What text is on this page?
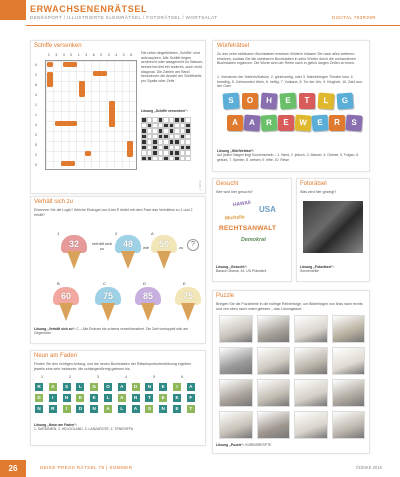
ERWACHSENENRÄTSEL
DENKSPORT / ILLUSTRIERTE KLEINRÄTSEL / FOTORÄTSEL / WORTSALAT	DIGITAL 763R26R
Schiffe versenken
2	3	4	0	1	3	6	0	3	4	2	6
4
2
6
4
1
1
4
2
5
2
0
Die unten abgebildeten „Schiffe“ sind aufzuspüren. Alle Schiffe liegen senkrecht oder waagerecht im Wasser, keines berührt ein anderes, auch nicht diagonal. Die Zahlen am Rand bezeichnen die Anzahl der Schiffsteile pro Spalte oder Zeile.
Lösung „Schiffe versenken“:
©DEIKE
Würfelrätsel
Zu den zehn sichtbaren Buchstaben ersetzen Würfeln müssen Sie nach allen weiteren ersetzen, sodass Sie die sichtbaren Buchstaben in zehn Wörter durch die vorhandenen Buchstaben ergänzen. Die Worte sind der Reihe nach in gleich langen Zeilen zu lesen.
1. Vornamen der Hallerin/Kabule, 2. gleichzeitig, oder 3. Nahrelizegen Theater bzw. 4. freiwillig, 5. Gebrannten Wein, 6. heftig, 7. Vulkane, 8. Tor der Uhr, 9. Klugheit, 10. Zahl aus der Oder
S	O	H	E	T	L	G
A	A	R	E	W	E	R	S
Lösung „Würfelrätsel“:
Auf jedem Wagen liegt Sonnenschein – 1. Hand, 2. jedoch, 3. Wasser, 4. Gebote, 5. Folgen, 6. gebunt, 7. Spielen, 8. welsen, 9. trifte, 10. Reise
Verhält sich zu
Erkennen Sie die Logik? Welche Eiskugel von A bis E bildet mit dem Paar das Verhältnis zu 1 und 2 erhält?
1
32	verhält sich zu
2
48	wie
A
50	zu ?
B
60
C
75
D
85
E
75
Lösung „Verhält sich zu“: C – Alle Eiskuen bis schema verviel/annahmt. Die Zahl verdoppelt sich am Gegenüber.
Gesucht
Wer wird hier gesucht?
HAWAII
USA
Michelle
RECHTSANWALT
Demokrat
Lösung „Gesucht“:
Barack Obama, 44. US-Präsident
Fotorätsel
Was wird hier gezeigt?
Lösung „Fotorätsel“:
Sonnenbrille
Puzzle
Bringen Sie die Puzzleteile in die richtige Reihenfolge, um Bilderfolgen von links nach rechts und von oben nach unten gelesen – das Lösungswort.
Lösung „Puzzle“: KÜRBISRESPTE
Neun am Faden
Finden Sie den richtigen Anfang, und die neuen Buchstaben der Rätselsportunterstützung ergeben jeweils eine sehr bekannte, die schlangenförmig gelesen bis.
1	2	3	4	5	6
R	A	S	L	G	O	A	D	N	E	I	A
D	I	N	E	E	L	A	N	T	E	E	F
N	R	I	D	N	A	L	A	S	N	E	T
Lösung „Neun am Faden“:
1. SARDINIEN, 2. HELGOLAND, 3. LANZAROTE, 4. TENERIFFA
26	DEIKE PRESS RÄTSEL 78 | SOMMER	©DEIKE 2015
